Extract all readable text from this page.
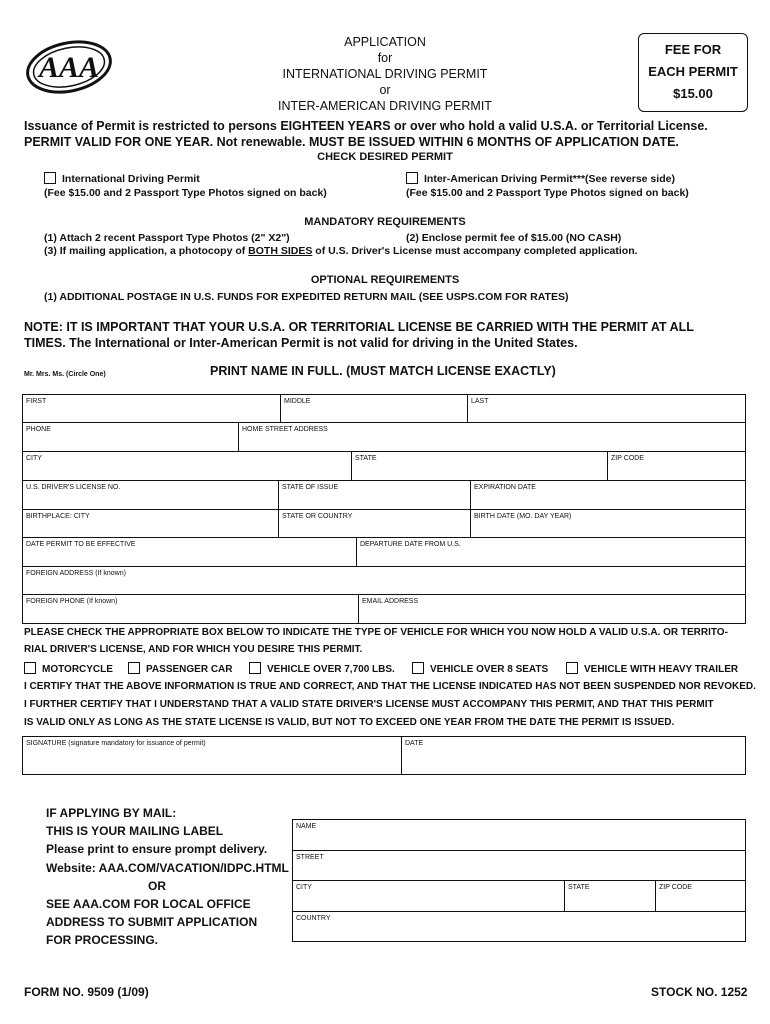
AAA
APPLICATION
for
INTERNATIONAL DRIVING PERMIT
or
INTER-AMERICAN DRIVING PERMIT
FEE FOR
EACH PERMIT
$15.00
Issuance of Permit is restricted to persons EIGHTEEN YEARS or over who hold a valid U.S.A. or Territorial License.
PERMIT VALID FOR ONE YEAR. Not renewable. MUST BE ISSUED WITHIN 6 MONTHS OF APPLICATION DATE.
CHECK DESIRED PERMIT
International Driving Permit
(Fee $15.00 and 2 Passport Type Photos signed on back)
Inter-American Driving Permit***(See reverse side)
(Fee $15.00 and 2 Passport Type Photos signed on back)
MANDATORY REQUIREMENTS
(1) Attach 2 recent Passport Type Photos (2" X2")	(2) Enclose permit fee of $15.00 (NO CASH)
(3) If mailing application, a photocopy of BOTH SIDES of U.S. Driver's License must accompany completed application.
OPTIONAL REQUIREMENTS
(1) ADDITIONAL POSTAGE IN U.S. FUNDS FOR EXPEDITED RETURN MAIL (SEE USPS.COM FOR RATES)
NOTE: IT IS IMPORTANT THAT YOUR U.S.A. OR TERRITORIAL LICENSE BE CARRIED WITH THE PERMIT AT ALL
TIMES. The International or Inter-American Permit is not valid for driving in the United States.
Mr. Mrs. Ms. (Circle One)	PRINT NAME IN FULL. (MUST MATCH LICENSE EXACTLY)
FIRST	MIDDLE	LAST
PHONE	HOME STREET ADDRESS
CITY	STATE	ZIP CODE
U.S. DRIVER'S LICENSE NO.	STATE OF ISSUE	EXPIRATION DATE
BIRTHPLACE: CITY	STATE OR COUNTRY	BIRTH DATE (MO. DAY YEAR)
DATE PERMIT TO BE EFFECTIVE	DEPARTURE DATE FROM U.S.
FOREIGN ADDRESS (If known)
FOREIGN PHONE (If known)	EMAIL ADDRESS
PLEASE CHECK THE APPROPRIATE BOX BELOW TO INDICATE THE TYPE OF VEHICLE FOR WHICH YOU NOW HOLD A VALID U.S.A. OR TERRITO-
RIAL DRIVER'S LICENSE, AND FOR WHICH YOU DESIRE THIS PERMIT.
MOTORCYCLE	PASSENGER CAR	VEHICLE OVER 7,700 LBS.	VEHICLE OVER 8 SEATS	VEHICLE WITH HEAVY TRAILER
I CERTIFY THAT THE ABOVE INFORMATION IS TRUE AND CORRECT, AND THAT THE LICENSE INDICATED HAS NOT BEEN SUSPENDED NOR REVOKED.
I FURTHER CERTIFY THAT I UNDERSTAND THAT A VALID STATE DRIVER'S LICENSE MUST ACCOMPANY THIS PERMIT, AND THAT THIS PERMIT
IS VALID ONLY AS LONG AS THE STATE LICENSE IS VALID, BUT NOT TO EXCEED ONE YEAR FROM THE DATE THE PERMIT IS ISSUED.
SIGNATURE (signature mandatory for issuance of permit)	DATE
IF APPLYING BY MAIL:
THIS IS YOUR MAILING LABEL
Please print to ensure prompt delivery.
Website: AAA.COM/VACATION/IDPC.HTML
OR
SEE AAA.COM FOR LOCAL OFFICE
ADDRESS TO SUBMIT APPLICATION
FOR PROCESSING.
NAME
STREET
CITY	STATE	ZIP CODE
COUNTRY
FORM NO. 9509 (1/09)	STOCK NO. 1252
